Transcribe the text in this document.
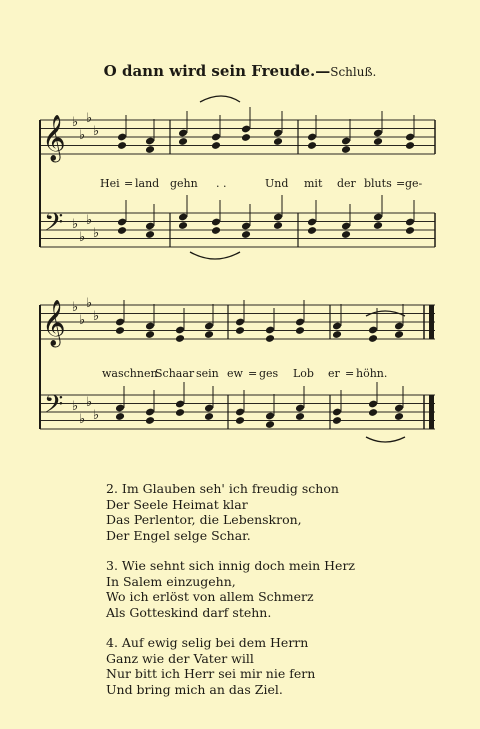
O dann wird sein Freude.—Schluß.
𝄞 ♭
♭
♭
♭
𝄢 ♭
♭
♭
♭
𝄞 ♭
♭
♭
♭
𝄢 ♭
♭
♭
♭
Hei = land gehn . .	Und mit der bluts = ge-
waschnen
Schaar sein ew = ges Lob er = höhn.
2. Im Glauben seh' ich freudig schon
Der Seele Heimat klar
Das Perlentor, die Lebenskron,
Der Engel selge Schar.
3. Wie sehnt sich innig doch mein Herz
In Salem einzugehn,
Wo ich erlöst von allem Schmerz
Als Gotteskind darf stehn.
4. Auf ewig selig bei dem Herrn
Ganz wie der Vater will
Nur bitt ich Herr sei mir nie fern
Und bring mich an das Ziel.
